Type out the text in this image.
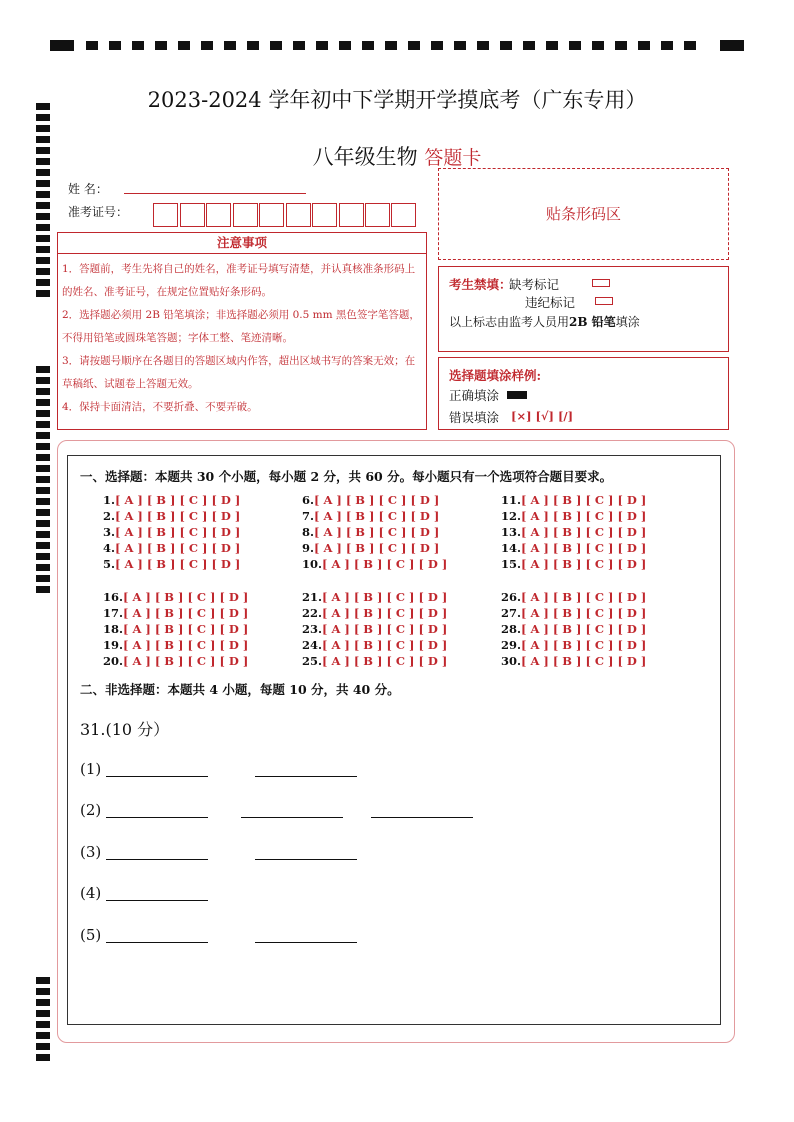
2023-2024 学年初中下学期开学摸底考（广东专用）
八年级生物 答题卡
姓 名：
准考证号：	贴条形码区
注意事项
1．答题前，考生先将自己的姓名，准考证号填写清楚，并认真核准条形码上的姓名、准考证号，在规定位置贴好条形码。
2．选择题必须用 2B 铅笔填涂；非选择题必须用 0.5 mm 黑色签字笔答题，不得用铅笔或圆珠笔答题；字体工整、笔迹清晰。
3．请按题号顺序在各题目的答题区域内作答，超出区域书写的答案无效；在草稿纸、试题卷上答题无效。
4．保持卡面清洁，不要折叠、不要弄破。
考生禁填：
缺考标记
违纪标记
以上标志由监考人员用2B 铅笔填涂
选择题填涂样例:
正确填涂
错误填涂 [×] [√] [/]
一、选择题：本题共 30 个小题，每小题 2 分，共 60 分。每小题只有一个选项符合题目要求。
1.[ A ] [ B ] [ C ] [ D ]
2.[ A ] [ B ] [ C ] [ D ]
3.[ A ] [ B ] [ C ] [ D ]
4.[ A ] [ B ] [ C ] [ D ]
5.[ A ] [ B ] [ C ] [ D ]
6.[ A ] [ B ] [ C ] [ D ]
7.[ A ] [ B ] [ C ] [ D ]
8.[ A ] [ B ] [ C ] [ D ]
9.[ A ] [ B ] [ C ] [ D ]
10.[ A ] [ B ] [ C ] [ D ]
11.[ A ] [ B ] [ C ] [ D ]
12.[ A ] [ B ] [ C ] [ D ]
13.[ A ] [ B ] [ C ] [ D ]
14.[ A ] [ B ] [ C ] [ D ]
15.[ A ] [ B ] [ C ] [ D ]
16.[ A ] [ B ] [ C ] [ D ]
17.[ A ] [ B ] [ C ] [ D ]
18.[ A ] [ B ] [ C ] [ D ]
19.[ A ] [ B ] [ C ] [ D ]
20.[ A ] [ B ] [ C ] [ D ]
21.[ A ] [ B ] [ C ] [ D ]
22.[ A ] [ B ] [ C ] [ D ]
23.[ A ] [ B ] [ C ] [ D ]
24.[ A ] [ B ] [ C ] [ D ]
25.[ A ] [ B ] [ C ] [ D ]
26.[ A ] [ B ] [ C ] [ D ]
27.[ A ] [ B ] [ C ] [ D ]
28.[ A ] [ B ] [ C ] [ D ]
29.[ A ] [ B ] [ C ] [ D ]
30.[ A ] [ B ] [ C ] [ D ]
二、非选择题：本题共 4 小题，每题 10 分，共 40 分。
31.(10 分）
(1)
(2)
(3)
(4)
(5)
